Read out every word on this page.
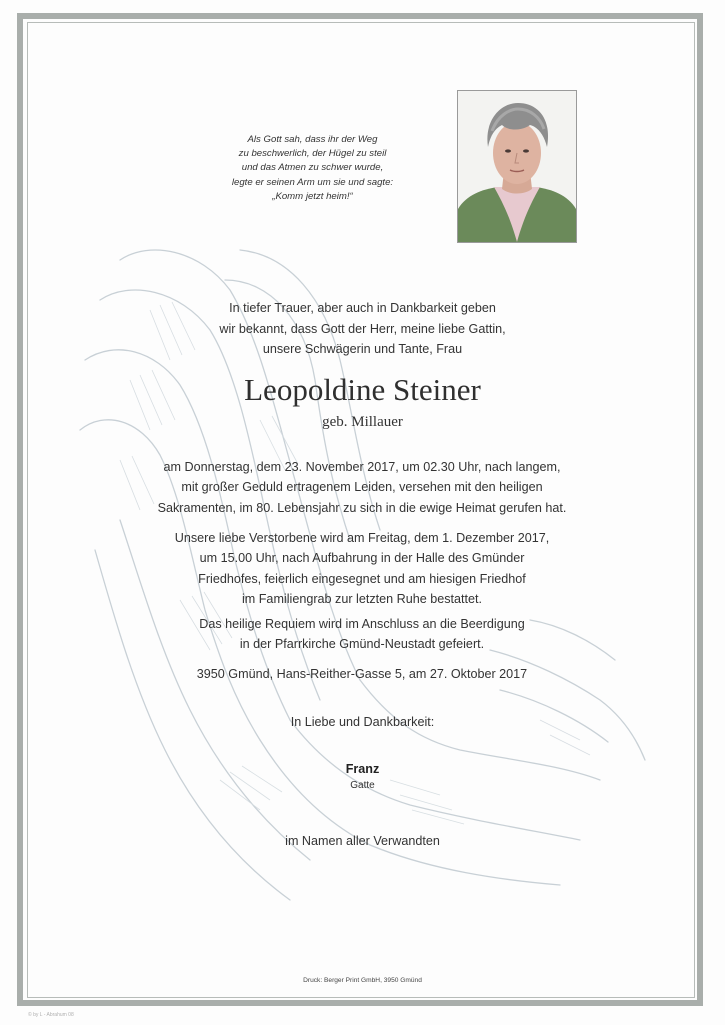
Als Gott sah, dass ihr der Weg
zu beschwerlich, der Hügel zu steil
und das Atmen zu schwer wurde,
legte er seinen Arm um sie und sagte:
„Komm jetzt heim!“
In tiefer Trauer, aber auch in Dankbarkeit geben
wir bekannt, dass Gott der Herr, meine liebe Gattin,
unsere Schwägerin und Tante, Frau
Leopoldine Steiner
geb. Millauer
am Donnerstag, dem 23. November 2017, um 02.30 Uhr, nach langem,
mit großer Geduld ertragenem Leiden, versehen mit den heiligen
Sakramenten, im 80. Lebensjahr zu sich in die ewige Heimat gerufen hat.
Unsere liebe Verstorbene wird am Freitag, dem 1. Dezember 2017,
um 15.00 Uhr, nach Aufbahrung in der Halle des Gmünder
Friedhofes, feierlich eingesegnet und am hiesigen Friedhof
im Familiengrab zur letzten Ruhe bestattet.
Das heilige Requiem wird im Anschluss an die Beerdigung
in der Pfarrkirche Gmünd-Neustadt gefeiert.
3950 Gmünd, Hans-Reither-Gasse 5, am 27. Oktober 2017
In Liebe und Dankbarkeit:
Franz
Gatte
im Namen aller Verwandten
Druck: Berger Print GmbH, 3950 Gmünd
© by L - Abrahum 08
